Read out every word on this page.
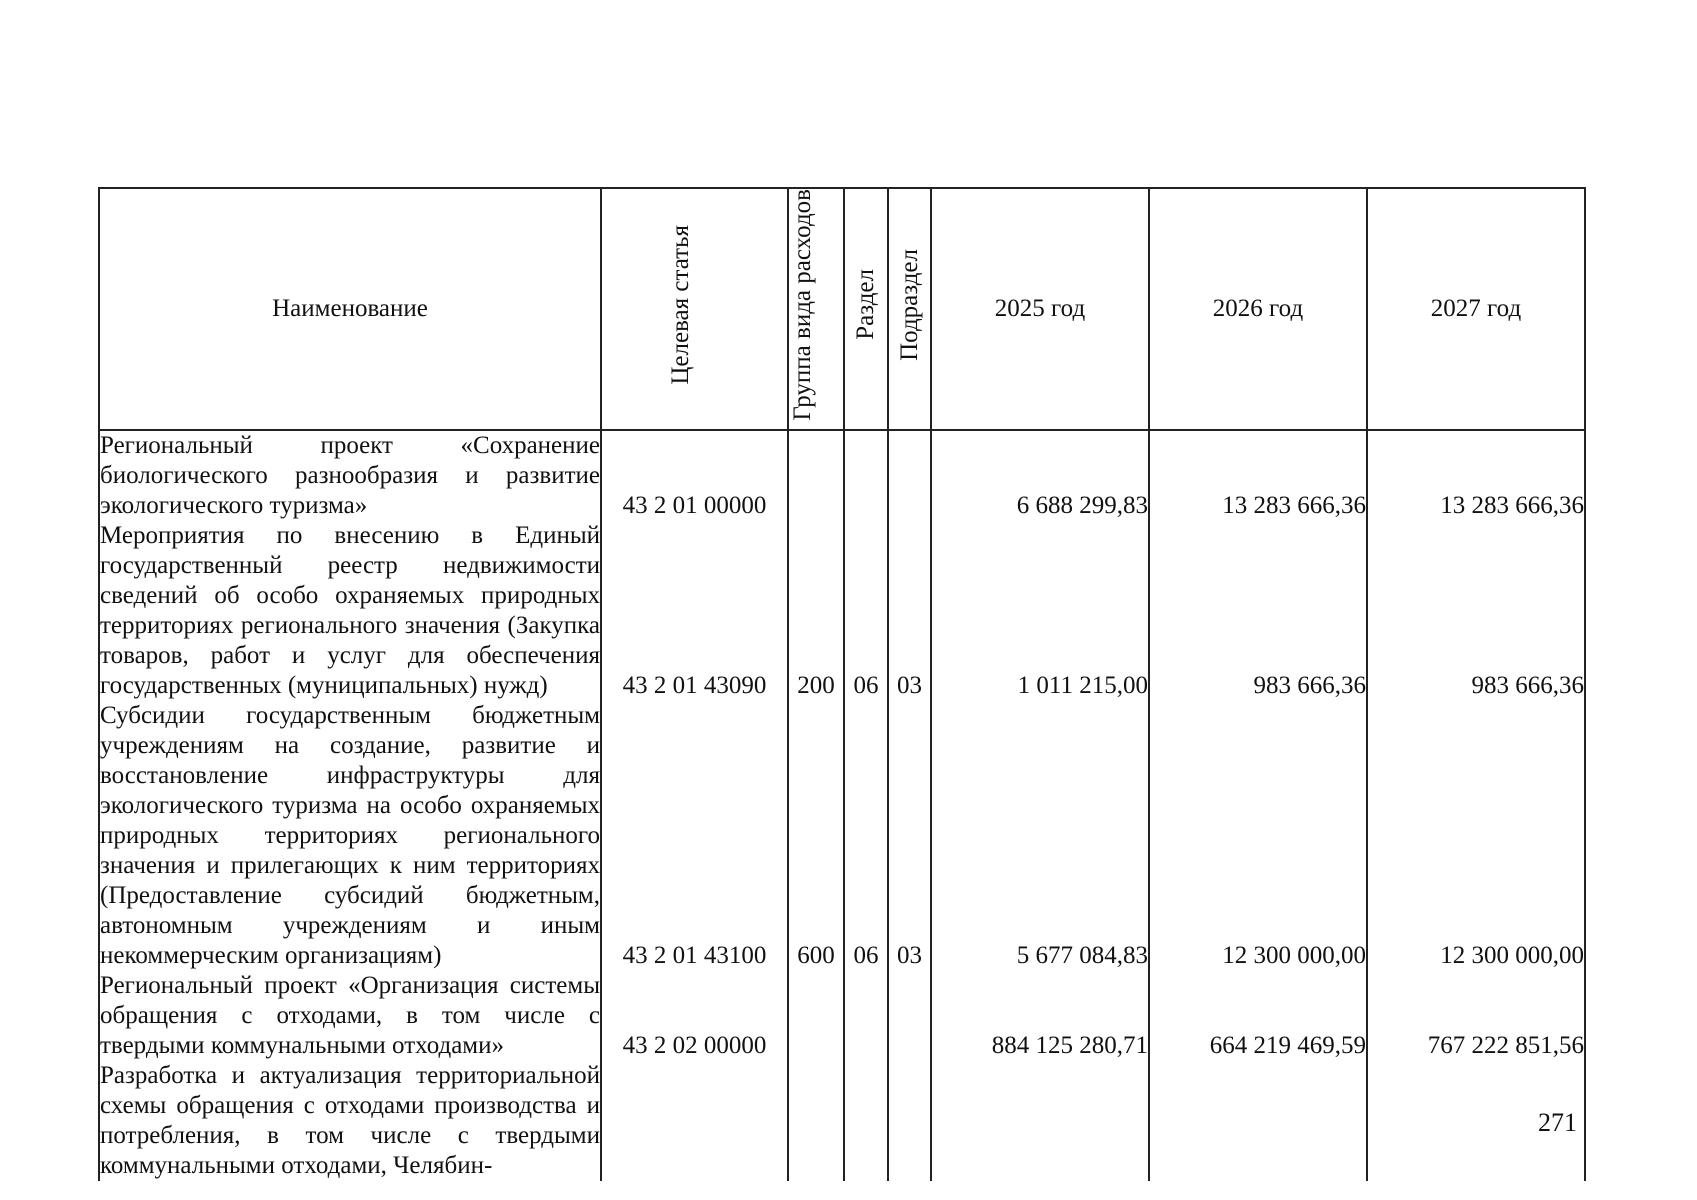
Наименование	Целевая статья	Группа вида расходов	Раздел	Подраздел	2025 год	2026 год	2027 год
Региональный проект «Сохранение биологического разнообразия и развитие экологического туризма»	43 2 01 00000				6 688 299,83	13 283 666,36	13 283 666,36
Мероприятия по внесению в Единый государственный реестр недвижимости сведений об особо охраняемых природных территориях регионального значения (Закупка товаров, работ и услуг для обеспечения государственных (муниципальных) нужд)	43 2 01 43090	200	06	03	1 011 215,00	983 666,36	983 666,36
Субсидии государственным бюджетным учреждениям на создание, развитие и восстановление инфраструктуры для экологического туризма на особо охраняемых природных территориях регионального значения и прилегающих к ним территориях (Предоставление субсидий бюджетным, автономным учреждениям и иным некоммерческим организациям)	43 2 01 43100	600	06	03	5 677 084,83	12 300 000,00	12 300 000,00
Региональный проект «Организация системы обращения с отходами, в том числе с твердыми коммунальными отходами»	43 2 02 00000				884 125 280,71	664 219 469,59	767 222 851,56
Разработка и актуализация территориальной схемы обращения с отходами производства и потребления, в том числе с твердыми коммунальными отходами, Челябин-							
271
